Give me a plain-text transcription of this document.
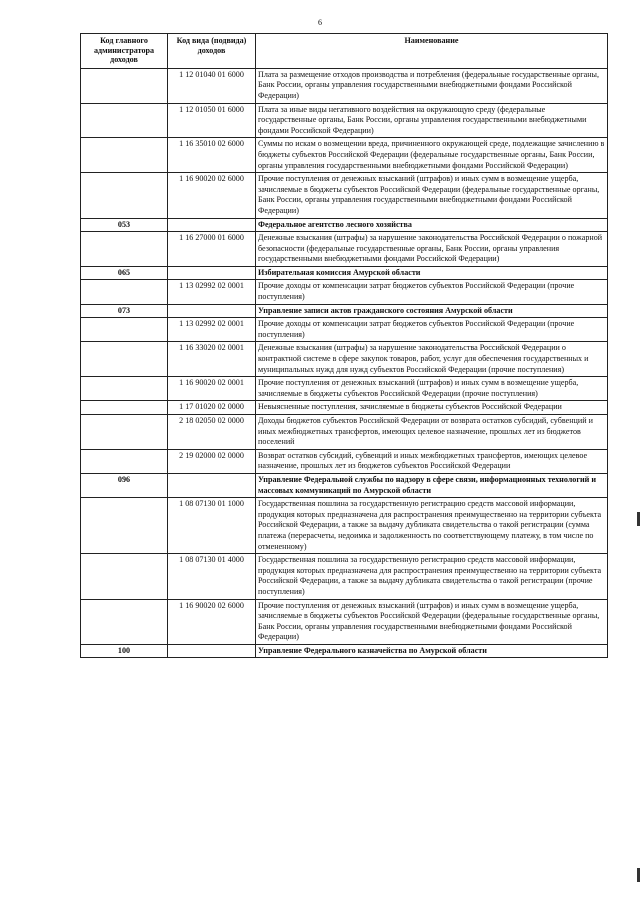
6
Код главного администратора доходов	Код вида (подвида) доходов	Наименование
	1 12 01040 01 6000	Плата за размещение отходов производства и потребления (федеральные государственные органы, Банк России, органы управления государственными внебюджетными фондами Российской Федерации)
	1 12 01050 01 6000	Плата за иные виды негативного воздействия на окружающую среду (федеральные государственные органы, Банк России, органы управления государственными внебюджетными фондами Российской Федерации)
	1 16 35010 02 6000	Суммы по искам о возмещении вреда, причиненного окружающей среде, подлежащие зачислению в бюджеты субъектов Российской Федерации (федеральные государственные органы, Банк России, органы управления государственными внебюджетными фондами Российской Федерации)
	1 16 90020 02 6000	Прочие поступления от денежных взысканий (штрафов) и иных сумм в возмещение ущерба, зачисляемые в бюджеты субъектов Российской Федерации (федеральные государственные органы, Банк России, органы управления государственными внебюджетными фондами Российской Федерации)
053		Федеральное агентство лесного хозяйства
	1 16 27000 01 6000	Денежные взыскания (штрафы) за нарушение законодательства Российской Федерации о пожарной безопасности (федеральные государственные органы, Банк России, органы управления государственными внебюджетными фондами Российской Федерации)
065		Избирательная комиссия Амурской области
	1 13 02992 02 0001	Прочие доходы от компенсации затрат бюджетов субъектов Российской Федерации (прочие поступления)
073		Управление записи актов гражданского состояния Амурской области
	1 13 02992 02 0001	Прочие доходы от компенсации затрат бюджетов субъектов Российской Федерации (прочие поступления)
	1 16 33020 02 0001	Денежные взыскания (штрафы) за нарушение законодательства Российской Федерации о контрактной системе в сфере закупок товаров, работ, услуг для обеспечения государственных и муниципальных нужд для нужд субъектов Российской Федерации (прочие поступления)
	1 16 90020 02 0001	Прочие поступления от денежных взысканий (штрафов) и иных сумм в возмещение ущерба, зачисляемые в бюджеты субъектов Российской Федерации (прочие поступления)
	1 17 01020 02 0000	Невыясненные поступления, зачисляемые в бюджеты субъектов Российской Федерации
	2 18 02050 02 0000	Доходы бюджетов субъектов Российской Федерации от возврата остатков субсидий, субвенций и иных межбюджетных трансфертов, имеющих целевое назначение, прошлых лет из бюджетов поселений
	2 19 02000 02 0000	Возврат остатков субсидий, субвенций и иных межбюджетных трансфертов, имеющих целевое назначение, прошлых лет из бюджетов субъектов Российской Федерации
096		Управление Федеральной службы по надзору в сфере связи, информационных технологий и массовых коммуникаций по Амурской области
	1 08 07130 01 1000	Государственная пошлина за государственную регистрацию средств массовой информации, продукция которых предназначена для распространения преимущественно на территории субъекта Российской Федерации, а также за выдачу дубликата свидетельства о такой регистрации (сумма платежа (перерасчеты, недоимка и задолженность по соответствующему платежу, в том числе по отмененному)
	1 08 07130 01 4000	Государственная пошлина за государственную регистрацию средств массовой информации, продукция которых предназначена для распространения преимущественно на территории субъекта Российской Федерации, а также за выдачу дубликата свидетельства о такой регистрации (прочие поступления)
	1 16 90020 02 6000	Прочие поступления от денежных взысканий (штрафов) и иных сумм в возмещение ущерба, зачисляемые в бюджеты субъектов Российской Федерации (федеральные государственные органы, Банк России, органы управления государственными внебюджетными фондами Российской Федерации)
100		Управление Федерального казначейства по Амурской области
